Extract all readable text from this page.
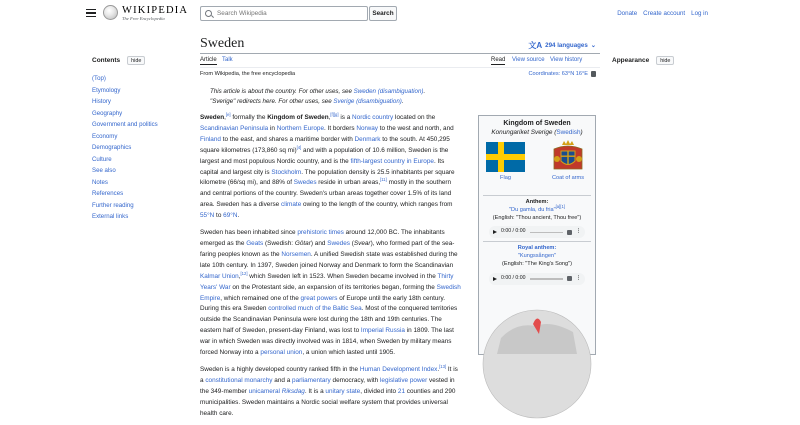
WIKIPEDIA
The Free Encyclopedia
Search Wikipedia
Search	Donate Create account Log in
Contents	hide
(Top)
Etymology
History
Geography
Government and politics
Economy
Demographics
Culture
See also
Notes
References
Further reading
External links
Appearance	hide
Sweden	文A 294 languages ⌄
Article Talk	Read View source View history
From Wikipedia, the free encyclopedia	Coordinates: 63°N 16°E
This article is about the country. For other uses, see Sweden (disambiguation).
"Sverige" redirects here. For other uses, see Sverige (disambiguation).

Sweden,[e] formally the Kingdom of Sweden,[f][g] is a Nordic country located on the Scandinavian Peninsula in Northern Europe. It borders Norway to the west and north, and Finland to the east, and shares a maritime border with Denmark to the south. At 450,295 square kilometres (173,860 sq mi)[4] and with a population of 10.6 million, Sweden is the largest and most populous Nordic country, and is the fifth-largest country in Europe. Its capital and largest city is Stockholm. The population density is 25.5 inhabitants per square kilometre (66/sq mi), and 88% of Swedes reside in urban areas,[11] mostly in the southern and central portions of the country. Sweden's urban areas together cover 1.5% of its land area. Sweden has a diverse climate owing to the length of the country, which ranges from 55°N to 69°N.

Sweden has been inhabited since prehistoric times around 12,000 BC. The inhabitants emerged as the Geats (Swedish: Götar) and Swedes (Svear), who formed part of the sea-faring peoples known as the Norsemen. A unified Swedish state was established during the late 10th century. In 1397, Sweden joined Norway and Denmark to form the Scandinavian Kalmar Union,[12] which Sweden left in 1523. When Sweden became involved in the Thirty Years' War on the Protestant side, an expansion of its territories began, forming the Swedish Empire, which remained one of the great powers of Europe until the early 18th century. During this era Sweden controlled much of the Baltic Sea. Most of the conquered territories outside the Scandinavian Peninsula were lost during the 18th and 19th centuries. The eastern half of Sweden, present-day Finland, was lost to Imperial Russia in 1809. The last war in which Sweden was directly involved was in 1814, when Sweden by military means forced Norway into a personal union, a union which lasted until 1905.

Sweden is a highly developed country ranked fifth in the Human Development Index.[13] It is a constitutional monarchy and a parliamentary democracy, with legislative power vested in the 349-member unicameral Riksdag. It is a unitary state, divided into 21 counties and 290 municipalities. Sweden maintains a Nordic social welfare system that provides universal health care.

Kingdom of Sweden
Konungariket Sverige (Swedish)
Flag	Coat of arms
Anthem:
"Du gamla, du fria"[a][1]
(English: "Thou ancient, Thou free")
0:00 / 0:00	⋮
Royal anthem:
"Kungssången"
(English: "The King's Song")
0:00 / 0:00	⋮
